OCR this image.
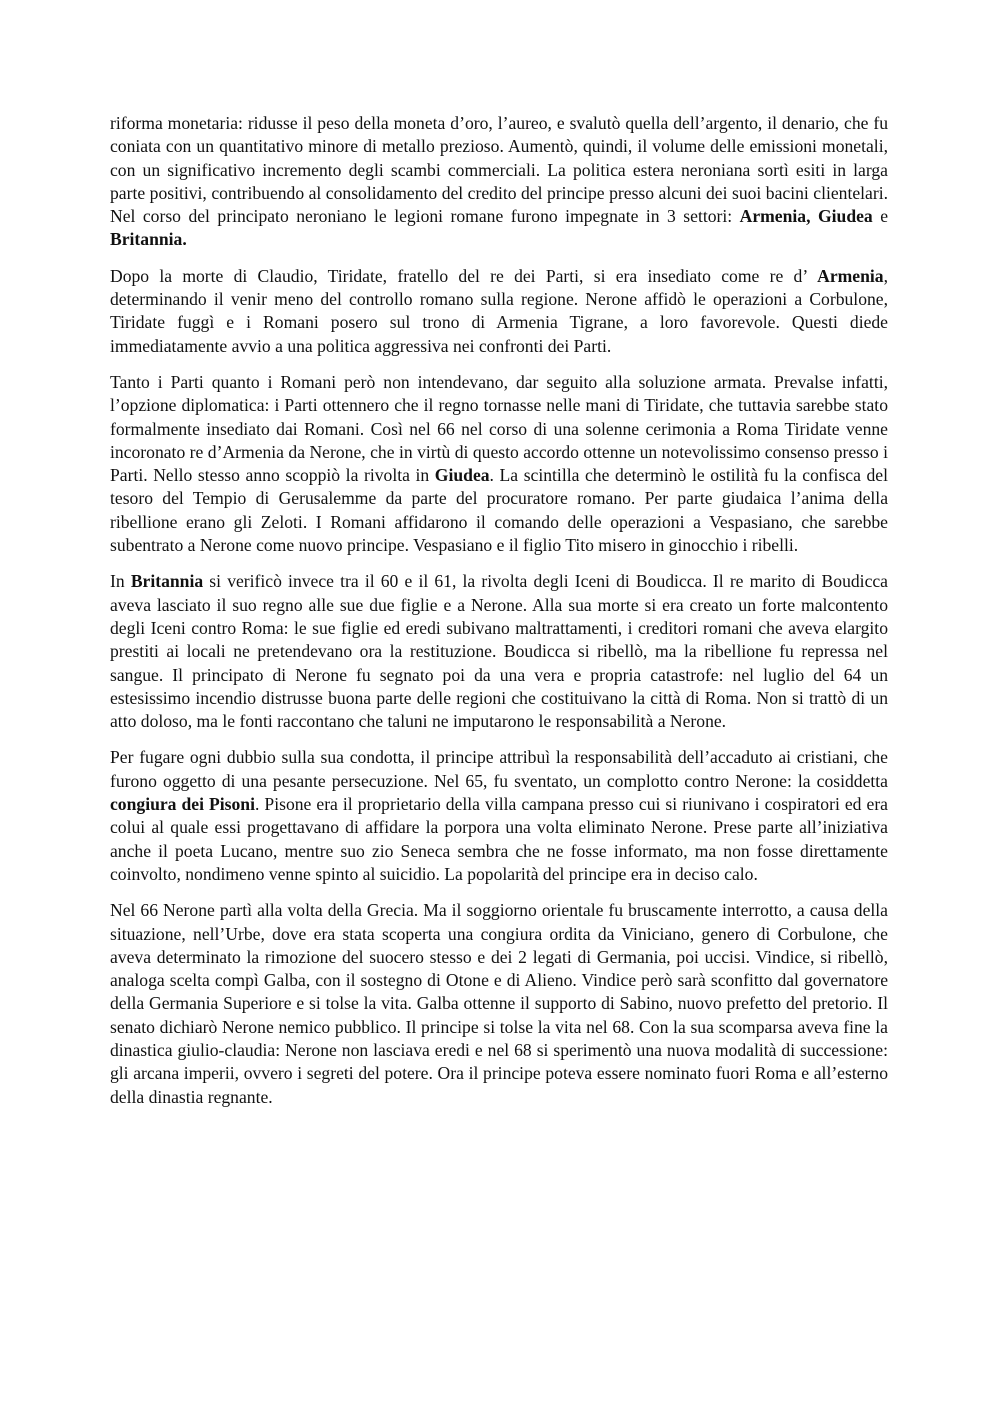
riforma monetaria: ridusse il peso della moneta d’oro, l’aureo, e svalutò quella dell’argento, il denario, che fu coniata con un quantitativo minore di metallo prezioso. Aumentò, quindi, il volume delle emissioni monetali, con un significativo incremento degli scambi commerciali. La politica estera neroniana sortì esiti in larga parte positivi, contribuendo al consolidamento del credito del principe presso alcuni dei suoi bacini clientelari. Nel corso del principato neroniano le legioni romane furono impegnate in 3 settori: Armenia, Giudea e Britannia.

Dopo la morte di Claudio, Tiridate, fratello del re dei Parti, si era insediato come re d’ Armenia, determinando il venir meno del controllo romano sulla regione. Nerone affidò le operazioni a Corbulone, Tiridate fuggì e i Romani posero sul trono di Armenia Tigrane, a loro favorevole. Questi diede immediatamente avvio a una politica aggressiva nei confronti dei Parti.

Tanto i Parti quanto i Romani però non intendevano, dar seguito alla soluzione armata. Prevalse infatti, l’opzione diplomatica: i Parti ottennero che il regno tornasse nelle mani di Tiridate, che tuttavia sarebbe stato formalmente insediato dai Romani. Così nel 66 nel corso di una solenne cerimonia a Roma Tiridate venne incoronato re d’Armenia da Nerone, che in virtù di questo accordo ottenne un notevolissimo consenso presso i Parti. Nello stesso anno scoppiò la rivolta in Giudea. La scintilla che determinò le ostilità fu la confisca del tesoro del Tempio di Gerusalemme da parte del procuratore romano. Per parte giudaica l’anima della ribellione erano gli Zeloti. I Romani affidarono il comando delle operazioni a Vespasiano, che sarebbe subentrato a Nerone come nuovo principe. Vespasiano e il figlio Tito misero in ginocchio i ribelli.

In Britannia si verificò invece tra il 60 e il 61, la rivolta degli Iceni di Boudicca. Il re marito di Boudicca aveva lasciato il suo regno alle sue due figlie e a Nerone. Alla sua morte si era creato un forte malcontento degli Iceni contro Roma: le sue figlie ed eredi subivano maltrattamenti, i creditori romani che aveva elargito prestiti ai locali ne pretendevano ora la restituzione. Boudicca si ribellò, ma la ribellione fu repressa nel sangue. Il principato di Nerone fu segnato poi da una vera e propria catastrofe: nel luglio del 64 un estesissimo incendio distrusse buona parte delle regioni che costituivano la città di Roma. Non si trattò di un atto doloso, ma le fonti raccontano che taluni ne imputarono le responsabilità a Nerone.

Per fugare ogni dubbio sulla sua condotta, il principe attribuì la responsabilità dell’accaduto ai cristiani, che furono oggetto di una pesante persecuzione. Nel 65, fu sventato, un complotto contro Nerone: la cosiddetta congiura dei Pisoni. Pisone era il proprietario della villa campana presso cui si riunivano i cospiratori ed era colui al quale essi progettavano di affidare la porpora una volta eliminato Nerone. Prese parte all’iniziativa anche il poeta Lucano, mentre suo zio Seneca sembra che ne fosse informato, ma non fosse direttamente coinvolto, nondimeno venne spinto al suicidio. La popolarità del principe era in deciso calo.

Nel 66 Nerone partì alla volta della Grecia. Ma il soggiorno orientale fu bruscamente interrotto, a causa della situazione, nell’Urbe, dove era stata scoperta una congiura ordita da Viniciano, genero di Corbulone, che aveva determinato la rimozione del suocero stesso e dei 2 legati di Germania, poi uccisi. Vindice, si ribellò, analoga scelta compì Galba, con il sostegno di Otone e di Alieno. Vindice però sarà sconfitto dal governatore della Germania Superiore e si tolse la vita. Galba ottenne il supporto di Sabino, nuovo prefetto del pretorio. Il senato dichiarò Nerone nemico pubblico. Il principe si tolse la vita nel 68. Con la sua scomparsa aveva fine la dinastica giulio-claudia: Nerone non lasciava eredi e nel 68 si sperimentò una nuova modalità di successione: gli arcana imperii, ovvero i segreti del potere. Ora il principe poteva essere nominato fuori Roma e all’esterno della dinastia regnante.
